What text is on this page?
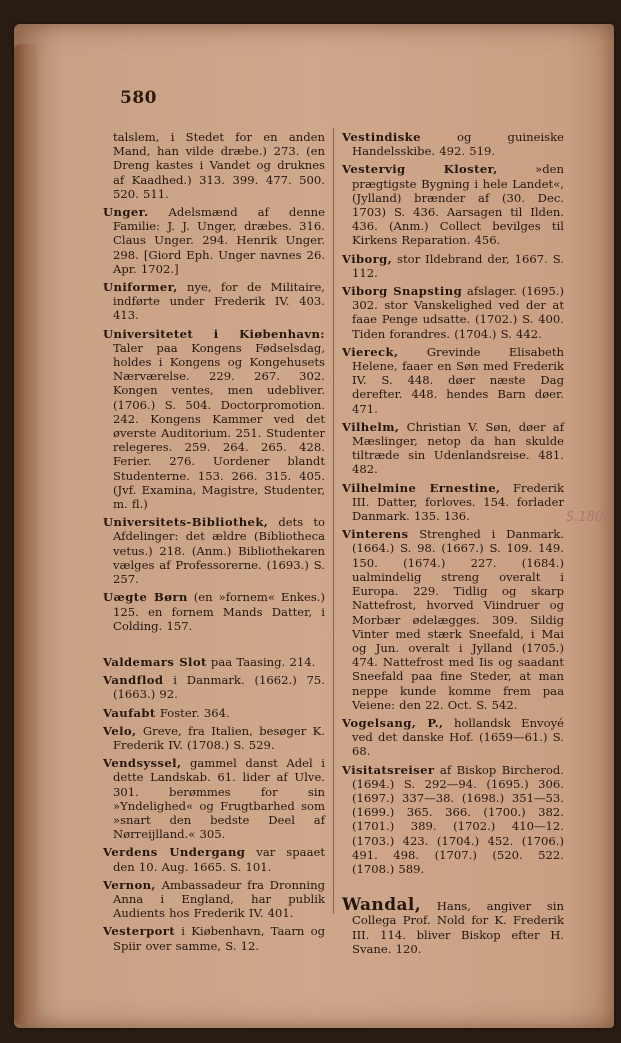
580

talslem, i Stedet for en anden Mand, han vilde dræbe.) 273. (en Dreng kastes i Vandet og druknes af Kaadhed.) 313. 399. 477. 500. 520. 511.

Unger. Adelsmænd af denne Familie: J. J. Unger, dræbes. 316. Claus Unger. 294. Henrik Unger. 298. [Giord Eph. Unger navnes 26. Apr. 1702.]

Uniformer, nye, for de Militaire, indførte under Frederik IV. 403. 413.

Universitetet i Kiøbenhavn: Taler paa Kongens Fødselsdag, holdes i Kongens og Kongehusets Nærværelse. 229. 267. 302. Kongen ventes, men udebliver. (1706.) S. 504. Doctorpromotion. 242. Kongens Kammer ved det øverste Auditorium. 251. Studenter relegeres. 259. 264. 265. 428. Ferier. 276. Uordener blandt Studenterne. 153. 266. 315. 405. (Jvf. Examina, Magistre, Studenter, m. fl.)

Universitets-Bibliothek, dets to Afdelinger: det ældre (Bibliotheca vetus.) 218. (Anm.) Bibliothekaren vælges af Professorerne. (1693.) S. 257.

Uægte Børn (en »fornem« Enkes.) 125. en fornem Mands Datter, i Colding. 157.

Valdemars Slot paa Taasing. 214.

Vandflod i Danmark. (1662.) 75. (1663.) 92.

Vaufabt Foster. 364.

Velo, Greve, fra Italien, besøger K. Frederik IV. (1708.) S. 529.

Vendsyssel, gammel danst Adel i dette Landskab. 61. lider af Ulve. 301. berømmes for sin »Yndelighed« og Frugtbarhed som »snart den bedste Deel af Nørreijlland.« 305.

Verdens Undergang var spaaet den 10. Aug. 1665. S. 101.

Vernon, Ambassadeur fra Dronning Anna i England, har publik Audients hos Frederik IV. 401.

Vesterport i Kiøbenhavn, Taarn og Spiir over samme, S. 12.

Vestindiske og guineiske Handelsskibe. 492. 519.

Vestervig Kloster, »den prægtigste Bygning i hele Landet«, (Jylland) brænder af (30. Dec. 1703) S. 436. Aarsagen til Ilden. 436. (Anm.) Collect bevilges til Kirkens Reparation. 456.

Viborg, stor Ildebrand der, 1667. S. 112.

Viborg Snapsting afslager. (1695.) 302. stor Vanskelighed ved der at faae Penge udsatte. (1702.) S. 400. Tiden forandres. (1704.) S. 442.

Viereck, Grevinde Elisabeth Helene, faaer en Søn med Frederik IV. S. 448. døer næste Dag derefter. 448. hendes Barn døer. 471.

Vilhelm, Christian V. Søn, døer af Mæslinger, netop da han skulde tiltræde sin Udenlandsreise. 481. 482.

Vilhelmine Ernestine, Frederik III. Datter, forloves. 154. forlader Danmark. 135. 136.

Vinterens Strenghed i Danmark. (1664.) S. 98. (1667.) S. 109. 149. 150. (1674.) 227. (1684.) ualmindelig streng overalt i Europa. 229. Tidlig og skarp Nattefrost, hvorved Viindruer og Morbær ødelægges. 309. Sildig Vinter med stærk Sneefald, i Mai og Jun. overalt i Jylland (1705.) 474. Nattefrost med Iis og saadant Sneefald paa fine Steder, at man neppe kunde komme frem paa Veiene: den 22. Oct. S. 542.

Vogelsang, P., hollandsk Envoyé ved det danske Hof. (1659—61.) S. 68.

Visitatsreiser af Biskop Bircherod. (1694.) S. 292—94. (1695.) 306. (1697.) 337—38. (1698.) 351—53. (1699.) 365. 366. (1700.) 382. (1701.) 389. (1702.) 410—12. (1703.) 423. (1704.) 452. (1706.) 491. 498. (1707.) (520. 522. (1708.) 589.

Wandal, Hans, angiver sin Collega Prof. Nold for K. Frederik III. 114. bliver Biskop efter H. Svane. 120.

S.180c
